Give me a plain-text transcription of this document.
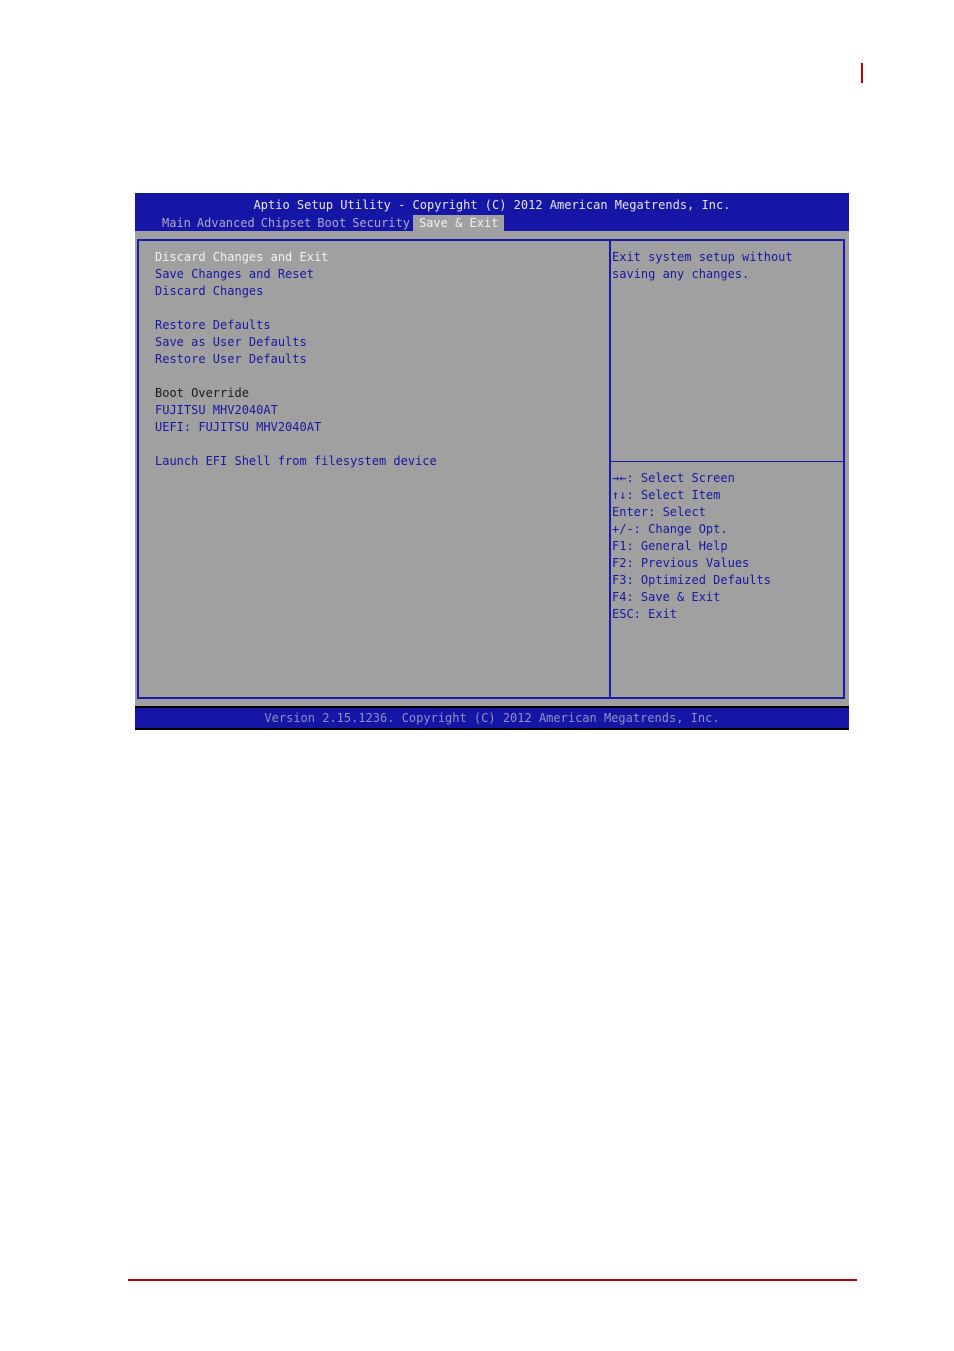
Aptio Setup Utility - Copyright (C) 2012 American Megatrends, Inc.
Main Advanced Chipset Boot Security Save & Exit
Discard Changes and Exit
Save Changes and Reset
Discard Changes
Restore Defaults
Save as User Defaults
Restore User Defaults
Boot Override
FUJITSU MHV2040AT
UEFI: FUJITSU MHV2040AT
Launch EFI Shell from filesystem device
Exit system setup without
saving any changes.
→←: Select Screen
↑↓: Select Item
Enter: Select
+/-: Change Opt.
F1: General Help
F2: Previous Values
F3: Optimized Defaults
F4: Save & Exit
ESC: Exit
Version 2.15.1236. Copyright (C) 2012 American Megatrends, Inc.
